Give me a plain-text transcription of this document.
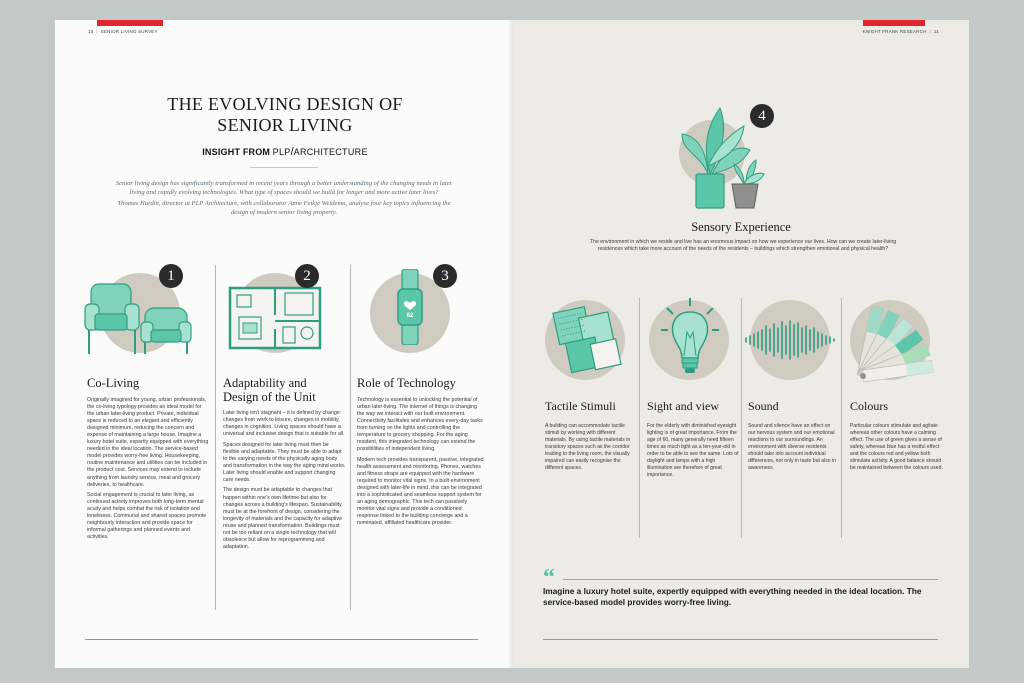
10 | SENIOR LIVING SURVEY
THE EVOLVING DESIGN OF
SENIOR LIVING
INSIGHT FROM PLP/ARCHITECTURE

Senior living design has significantly transformed in recent years through a better understanding of the changing needs in later living and rapidly evolving technologies. What type of spaces should we build for longer and more active later lives?

Thomas Hardin, director at PLP Architecture, with collaborator Anne Feikje Weidema, analyse four key topics influencing the design of modern senior living property.

1
Co-Living

Originally imagined for young, urban professionals, the co-living typology provides an ideal model for the urban later-living product. Private, individual space is reduced to an elegant and efficiently designed minimum, reducing the concern and expense of maintaining a large house. Imagine a luxury hotel suite, expertly equipped with everything needed in the ideal location. The service-based model provides worry-free living. Housekeeping, routine maintenance and utilities can be included in the product cost. Services may extend to include anything from laundry service, meal and grocery deliveries, to healthcare.

Social engagement is crucial to later living, as continued activity improves both long-term mental acuity and helps combat the risk of isolation and loneliness. Communal and shared spaces promote neighbourly interaction and provide space for informal gatherings and planned events and activities.

2
Adaptability and
Design of the Unit

Later living isn't stagnant – it is defined by change: changes from work to leisure, changes in mobility, changes in cognition. Living spaces should have a universal and inclusive design that is suitable for all.

Spaces designed for later living must then be flexible and adaptable. They must be able to adapt to the varying needs of the physically aging body and transformation in the way the aging mind works. Later living should enable and support changing care needs.

The design must be adaptable to changes that happen within one's own lifetime but also for changes across a building's lifespan. Sustainability must be at the forefront of design, considering the longevity of materials and the capacity for adaptive reuse and planned transformation. Buildings must not be too reliant on a single technology that will obsolesce but allow for reprogramming and adaptation.

62
3
Role of Technology

Technology is essential to unlocking the potential of urban later-living. The internet of things is changing the way we interact with our built environment. Connectivity facilitates and enhances every-day tasks from turning on the lights and controlling the temperature to grocery shopping. For the aging resident, this integrated technology can extend the possibilities of independent living.

Modern tech provides transparent, passive, integrated health assessment and monitoring. Phones, watches and fitness straps are equipped with the hardware required to monitor vital signs. In a built environment designed with later-life in mind, this can be integrated into a sophisticated and seamless support system for an aging demographic. This tech can passively monitor vital signs and provide a conditioned response linked to the building concierge and a nominated, affiliated healthcare provider.

KNIGHT FRANK RESEARCH | 11
4
Sensory Experience
The environment in which we reside and live has an enormous impact on how we experience our lives. How can we create later-living residences which take more account of the needs of the residents – buildings which strengthen emotional and physical health?
Tactile Stimuli
A building can accommodate tactile stimuli by working with different materials. By using tactile materials in transitory spaces such as the corridor leading to the living room, the visually impaired can easily recognise the different spaces.
Sight and view
For the elderly with diminished eyesight lighting is of great importance. From the age of 60, many generally need fifteen times as much light as a ten-year-old in order to be able to see the same. Lots of daylight and lamps with a high illumination are therefore of great importance.
Sound
Sound and silence have an effect on our nervous system and our emotional reactions to our surroundings. An environment with diverse residents should take into account individual differences, not only in taste but also in awareness.
Colours
Particular colours stimulate and agitate whereas other colours have a calming effect. The use of green gives a sense of safety, whereas blue has a restful effect and the colours red and yellow both stimulate activity. A good balance should be maintained between the colours used.
“
Imagine a luxury hotel suite, expertly equipped with everything needed in the ideal location. The service-based model provides worry-free living.
